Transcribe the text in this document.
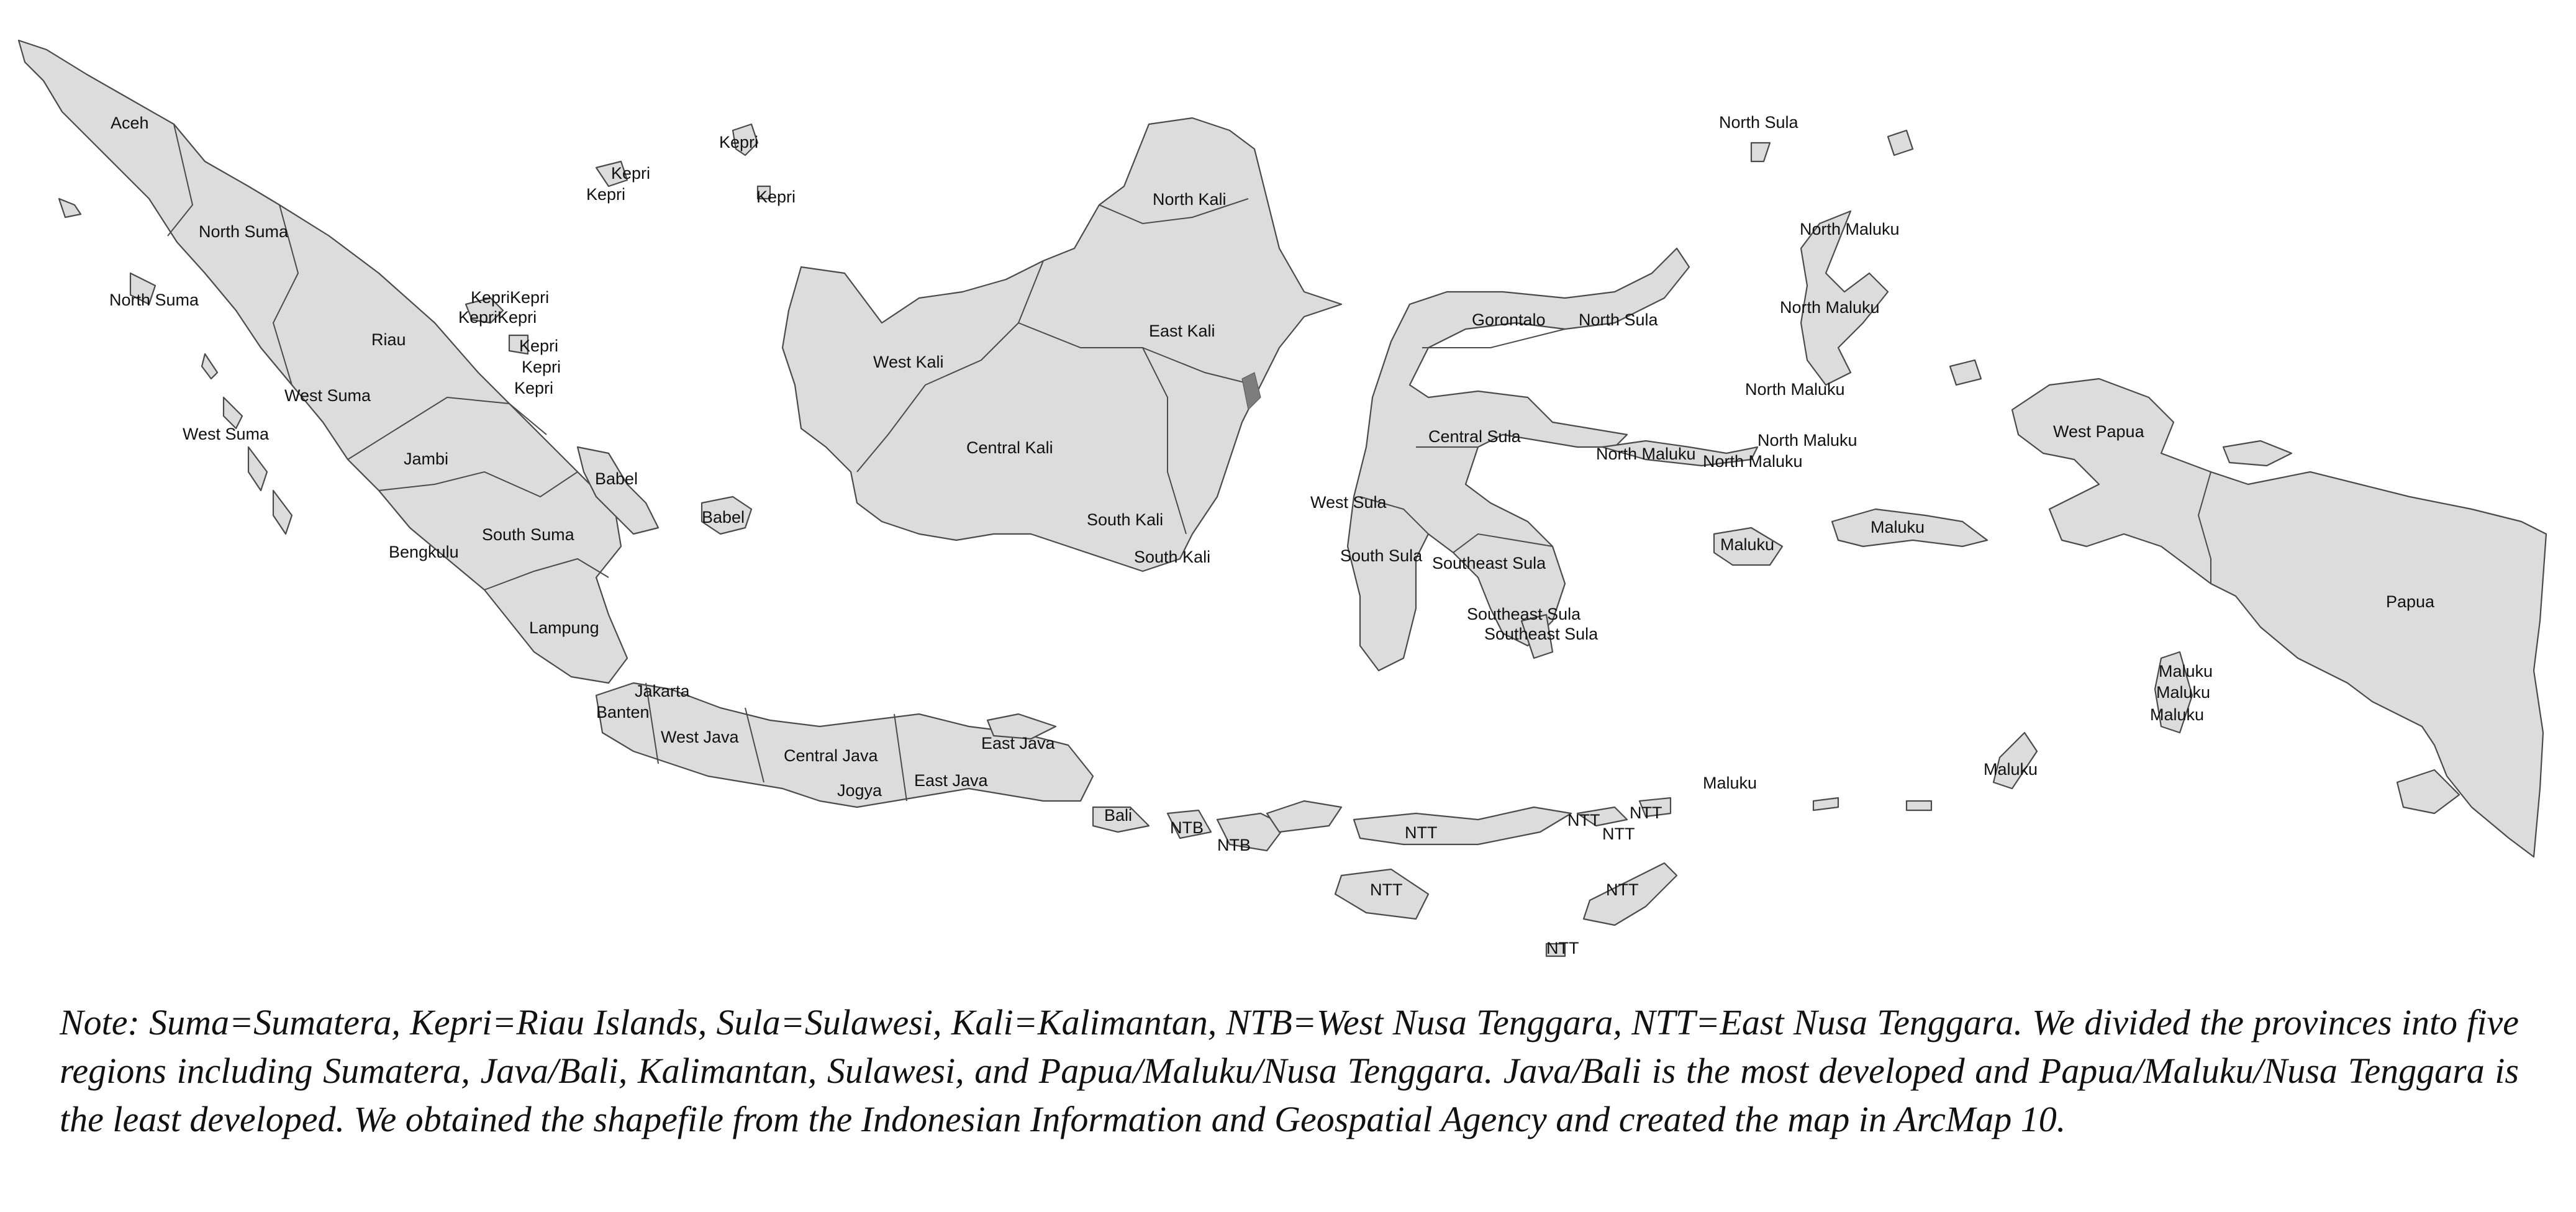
Aceh
North Suma
North Suma
Riau
West Suma
West Suma
Jambi
South Suma
Bengkulu
Lampung
Babel
Babel
Kepri
Kepri
Kepri
Kepri
KepriKepri
KepriKepri
Kepri
Kepri
Kepri
West Kali
Central Kali
North Kali
East Kali
South Kali
South Kali
Jakarta
Banten
West Java
Central Java
Jogya
East Java
East Java
Bali
NTB
NTB
NTT
NTT NTT
NTT
NTT	NTT
NTT
North Sula
North Sula
Gorontalo
Central Sula
West Sula
South Sula Southeast Sula
Southeast Sula
Southeast Sula
North Maluku
North Maluku
North Maluku
North Maluku
North Maluku North Maluku
Maluku
Maluku
Maluku
Maluku
Maluku
Maluku
Maluku
West Papua
Papua

Note: Suma=Sumatera, Kepri=Riau Islands, Sula=Sulawesi, Kali=Kalimantan, NTB=West Nusa Tenggara, NTT=East Nusa Tenggara. We divided the provinces into five regions including Sumatera, Java/Bali, Kalimantan, Sulawesi, and Papua/Maluku/Nusa Tenggara. Java/Bali is the most developed and Papua/Maluku/Nusa Tenggara is the least developed. We obtained the shapefile from the Indonesian Information and Geospatial Agency and created the map in ArcMap 10.
